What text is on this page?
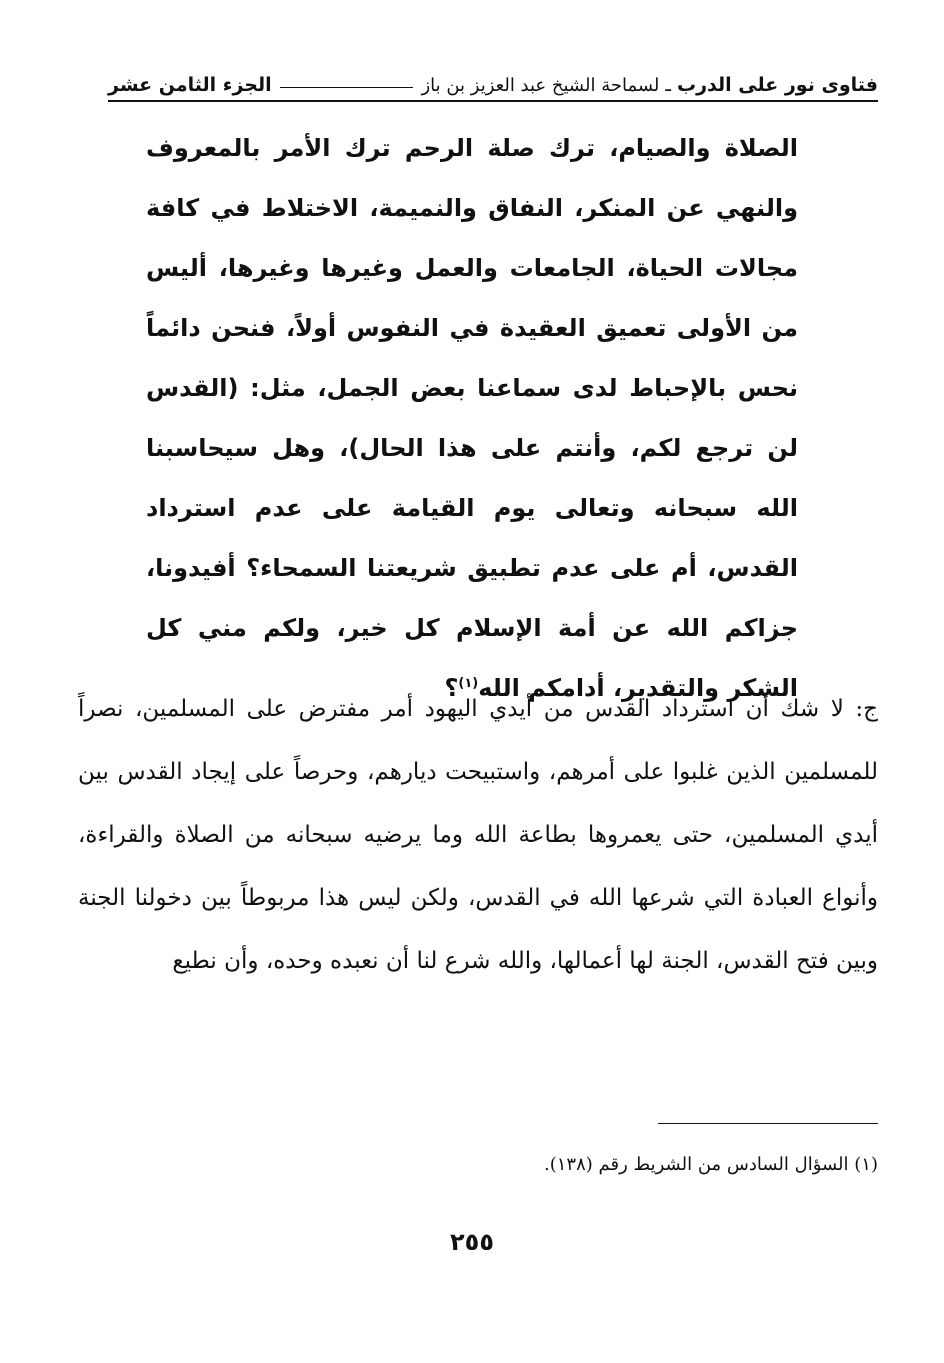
فتاوى نور على الدرب
ـ
لسماحة الشيخ عبد العزيز بن باز
الجزء الثامن عشر
الصلاة والصيام، ترك صلة الرحم ترك الأمر بالمعروف والنهي عن المنكر، النفاق والنميمة، الاختلاط في كافة مجالات الحياة، الجامعات والعمل وغيرها وغيرها، أليس من الأولى تعميق العقيدة في النفوس أولاً، فنحن دائماً نحس بالإحباط لدى سماعنا بعض الجمل، مثل: (القدس لن ترجع لكم، وأنتم على هذا الحال)، وهل سيحاسبنا الله سبحانه وتعالى يوم القيامة على عدم استرداد القدس، أم على عدم تطبيق شريعتنا السمحاء؟ أفيدونا، جزاكم الله عن أمة الإسلام كل خير، ولكم مني كل الشكر والتقدير، أدامكم الله$^{(١)}$؟
ج: لا شك أن استرداد القدس من أيدي اليهود أمر مفترض على المسلمين، نصراً للمسلمين الذين غلبوا على أمرهم، واستبيحت ديارهم، وحرصاً على إيجاد القدس بين أيدي المسلمين، حتى يعمروها بطاعة الله وما يرضيه سبحانه من الصلاة والقراءة، وأنواع العبادة التي شرعها الله في القدس، ولكن ليس هذا مربوطاً بين دخولنا الجنة وبين فتح القدس، الجنة لها أعمالها، والله شرع لنا أن نعبده وحده، وأن نطيع
(١) السؤال السادس من الشريط رقم (١٣٨).
٢٥٥
